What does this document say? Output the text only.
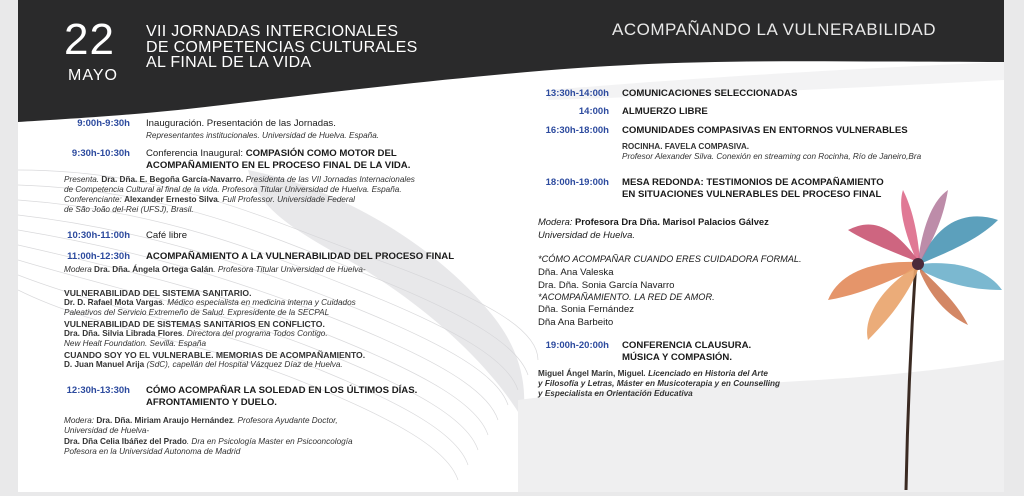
22
MAYO
VII JORNADAS INTERCIONALES
DE COMPETENCIAS CULTURALES
AL FINAL DE LA VIDA
ACOMPAÑANDO LA VULNERABILIDAD
9:00h-9:30h Inauguración. Presentación de las Jornadas.
Representantes institucionales. Universidad de Huelva. España.
9:30h-10:30h Conferencia Inaugural: COMPASIÓN COMO MOTOR DEL
ACOMPAÑAMIENTO EN EL PROCESO FINAL DE LA VIDA.
Presenta. Dra. Dña. E. Begoña García-Navarro. Presidenta de las VII Jornadas Internacionales
de Competencia Cultural al final de la vida. Profesora Titular Universidad de Huelva. España.
Conferenciante: Alexander Ernesto Silva. Full Professor. Universidade Federal
de São João del-Rei (UFSJ), Brasil.
10:30h-11:00h Café libre
11:00h-12:30h ACOMPAÑAMIENTO A LA VULNERABILIDAD DEL PROCESO FINAL
Modera Dra. Dña. Ángela Ortega Galán. Profesora Titular Universidad de Huelva-
VULNERABILIDAD DEL SISTEMA SANITARIO.
Dr. D. Rafael Mota Vargas. Médico especialista en medicina interna y Cuidados
Paleativos del Servicio Extremeño de Salud. Expresidente de la SECPAL
VULNERABILIDAD DE SISTEMAS SANITARIOS EN CONFLICTO.
Dra. Dña. Silvia Librada Flores. Directora del programa Todos Contigo.
New Healt Foundation. Sevilla. España
CUANDO SOY YO EL VULNERABLE. MEMORIAS DE ACOMPAÑAMIENTO.
D. Juan Manuel Arija (SdC), capellán del Hospital Vázquez Díaz de Huelva.
12:30h-13:30h CÓMO ACOMPAÑAR LA SOLEDAD EN LOS ÚLTIMOS DÍAS.
AFRONTAMIENTO Y DUELO.
Modera: Dra. Dña. Miriam Araujo Hernández. Profesora Ayudante Doctor,
Universidad de Huelva-
Dra. Dña Celia Ibáñez del Prado. Dra en Psicología Master en Psicooncología
Pofesora en la Universidad Autonoma de Madrid
13:30h-14:00h COMUNICACIONES SELECCIONADAS
14:00h ALMUERZO LIBRE
16:30h-18:00h COMUNIDADES COMPASIVAS EN ENTORNOS VULNERABLES
ROCINHA. FAVELA COMPASIVA.
Profesor Alexander Silva. Conexión en streaming con Rocinha, Río de Janeiro,Bra
18:00h-19:00h MESA REDONDA: TESTIMONIOS DE ACOMPAÑAMIENTO
EN SITUACIONES VULNERABLES DEL PROCESO FINAL
Modera: Profesora Dra Dña. Marisol Palacios Gálvez
Universidad de Huelva.
*CÓMO ACOMPAÑAR CUANDO ERES CUIDADORA FORMAL.
Dña. Ana Valeska
Dra. Dña. Sonia García Navarro
*ACOMPAÑAMIENTO. LA RED DE AMOR.
Dña. Sonia Fernández
Dña Ana Barbeito
19:00h-20:00h CONFERENCIA CLAUSURA.
MÚSICA Y COMPASIÓN.
Miguel Ángel Marín, Miguel. Licenciado en Historia del Arte
y Filosofía y Letras, Máster en Musicoterapia y en Counselling
y Especialista en Orientación Educativa
